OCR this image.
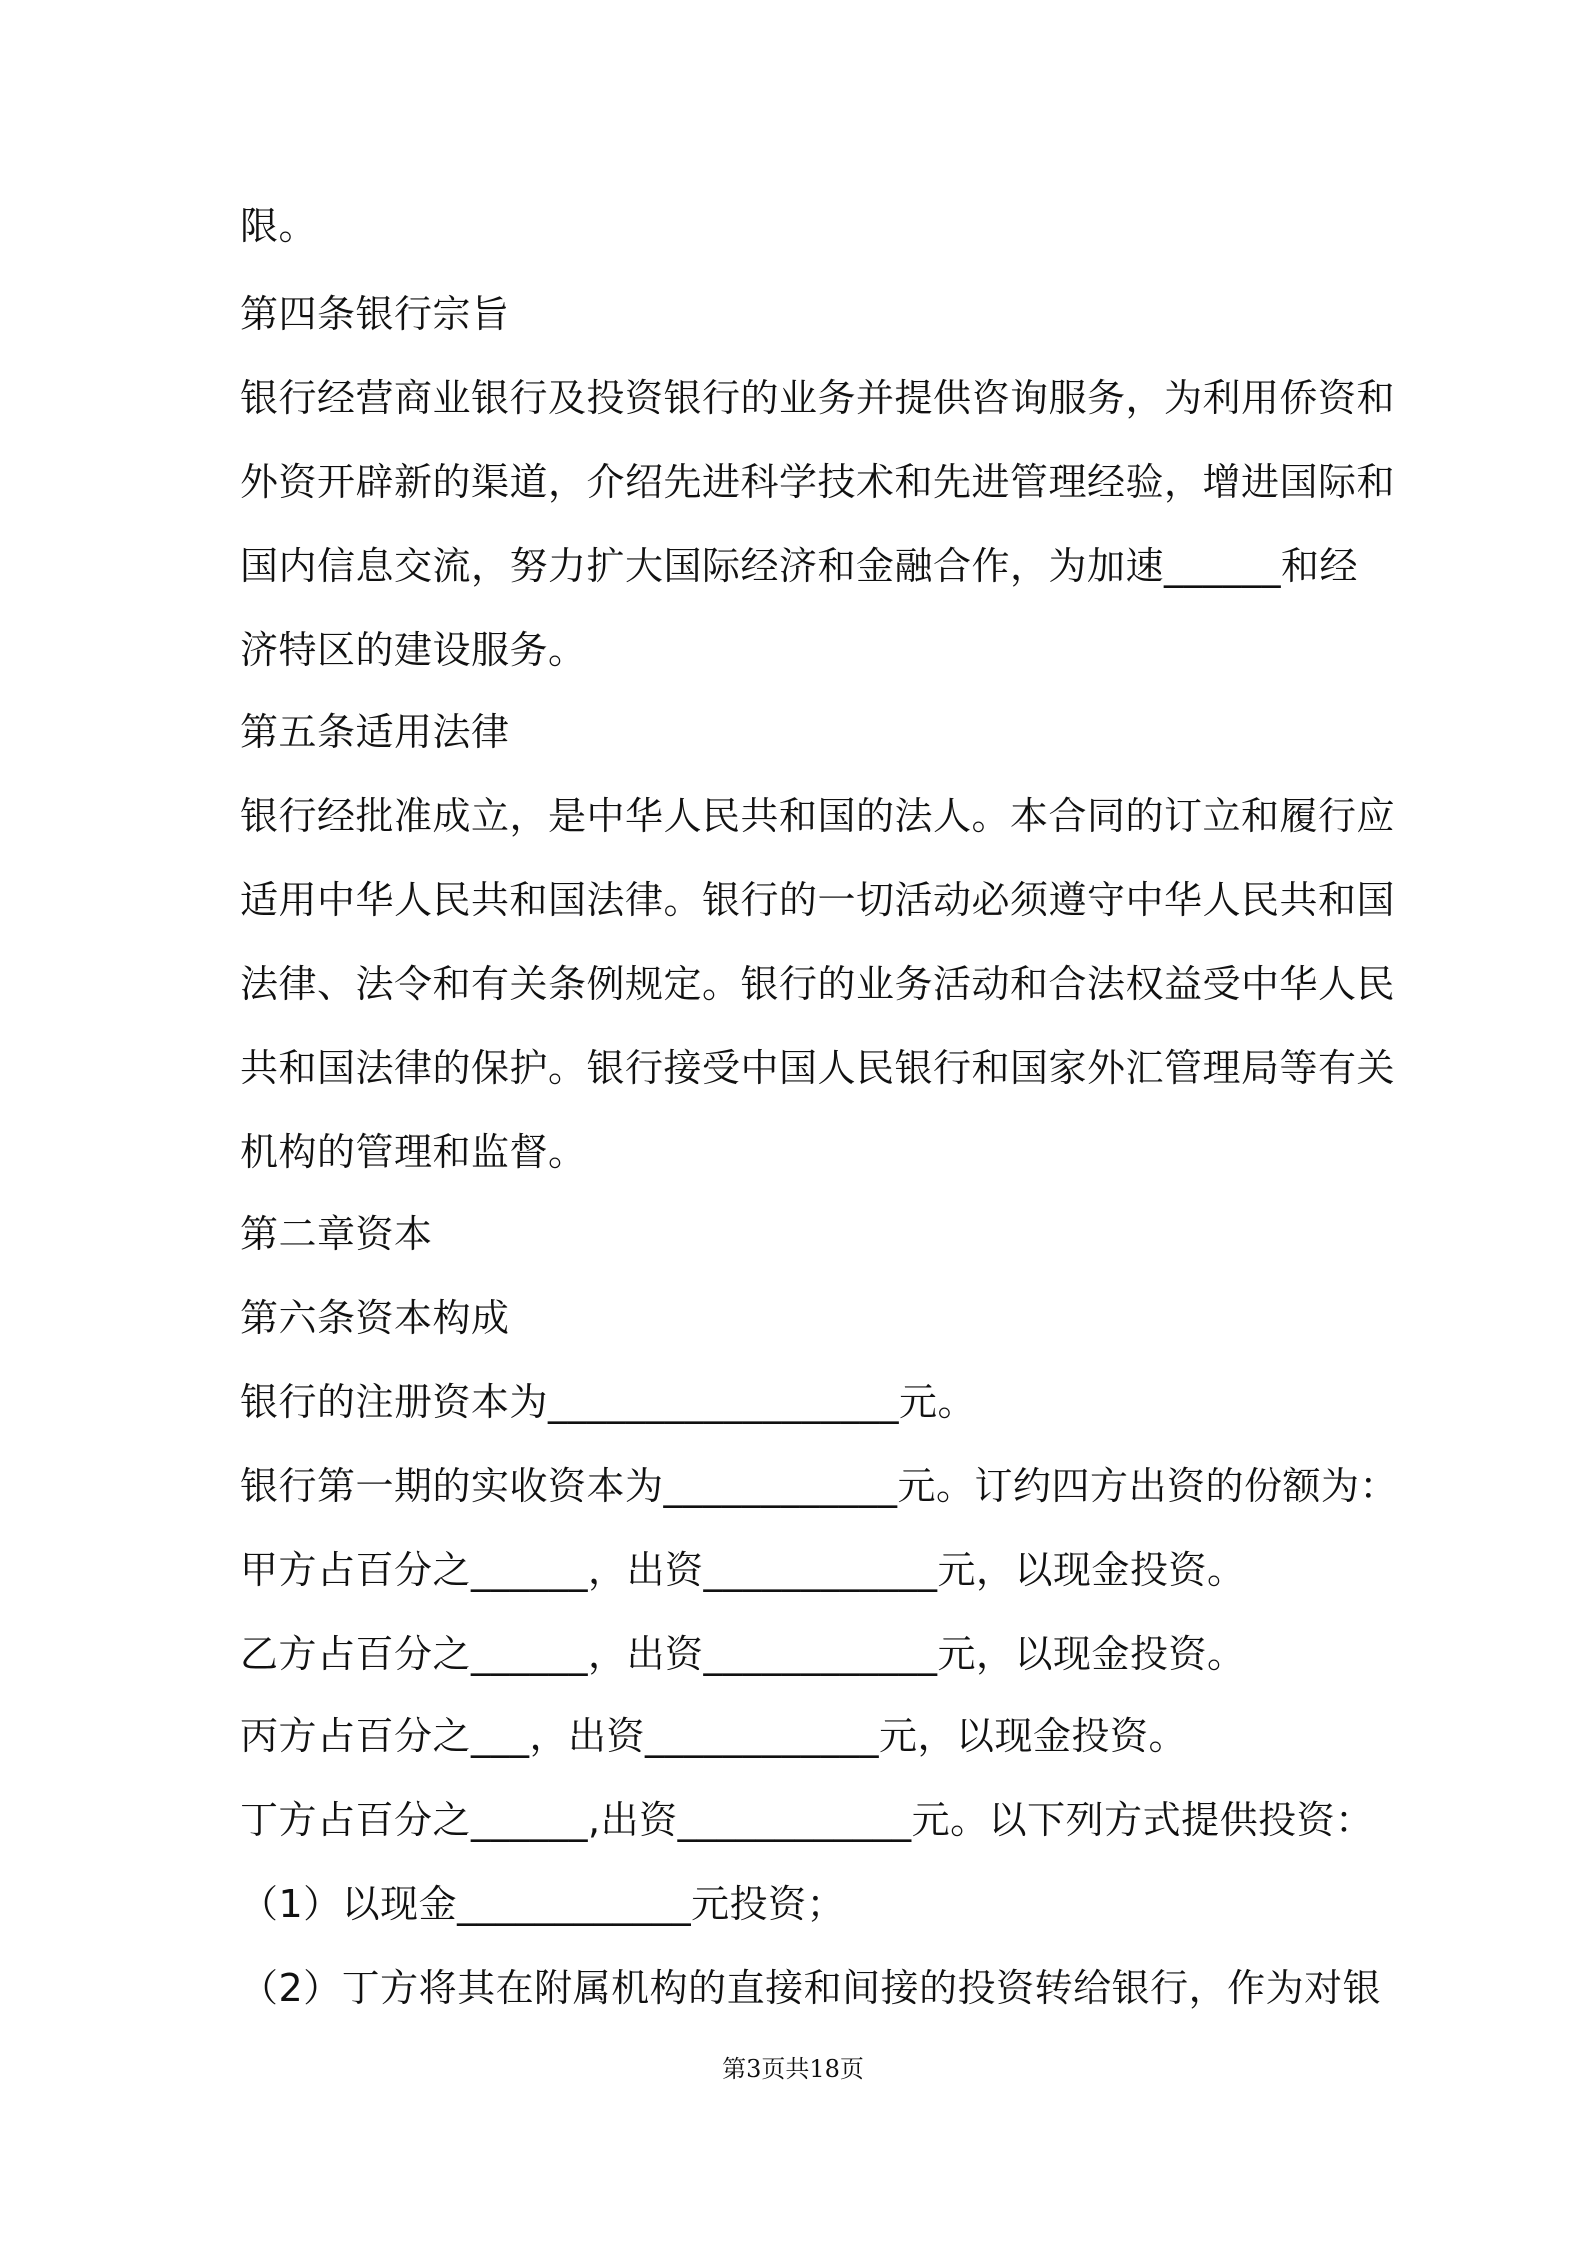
限。
第四条银行宗旨
银行经营商业银行及投资银行的业务并提供咨询服务，为利用侨资和
外资开辟新的渠道，介绍先进科学技术和先进管理经验，增进国际和
国内信息交流，努力扩大国际经济和金融合作，为加速______和经
济特区的建设服务。
第五条适用法律
银行经批准成立，是中华人民共和国的法人。本合同的订立和履行应
适用中华人民共和国法律。银行的一切活动必须遵守中华人民共和国
法律、法令和有关条例规定。银行的业务活动和合法权益受中华人民
共和国法律的保护。银行接受中国人民银行和国家外汇管理局等有关
机构的管理和监督。
第二章资本
第六条资本构成
银行的注册资本为__________________元。
银行第一期的实收资本为____________元。订约四方出资的份额为：
甲方占百分之______，出资____________元，以现金投资。
乙方占百分之______，出资____________元，以现金投资。
丙方占百分之___，出资____________元，以现金投资。
丁方占百分之______,出资____________元。以下列方式提供投资：
（1）以现金____________元投资；
（2）丁方将其在附属机构的直接和间接的投资转给银行，作为对银
第3页共18页
